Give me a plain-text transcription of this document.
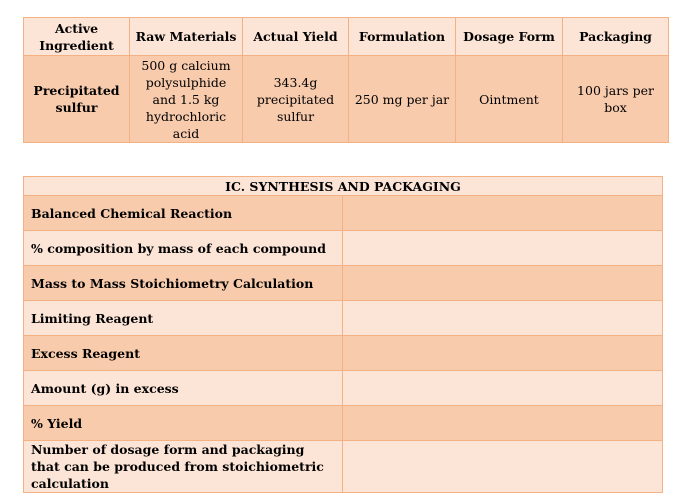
Active Ingredient	Raw Materials	Actual Yield	Formulation	Dosage Form	Packaging
Precipitated sulfur	500 g calcium polysulphide and 1.5 kg hydrochloric acid	343.4g precipitated sulfur	250 mg per jar	Ointment	100 jars per box
IC. SYNTHESIS AND PACKAGING	
Balanced Chemical Reaction	
% composition by mass of each compound	
Mass to Mass Stoichiometry Calculation	
Limiting Reagent	
Excess Reagent	
Amount (g) in excess	
% Yield	
Number of dosage form and packaging that can be produced from stoichiometric calculation	
